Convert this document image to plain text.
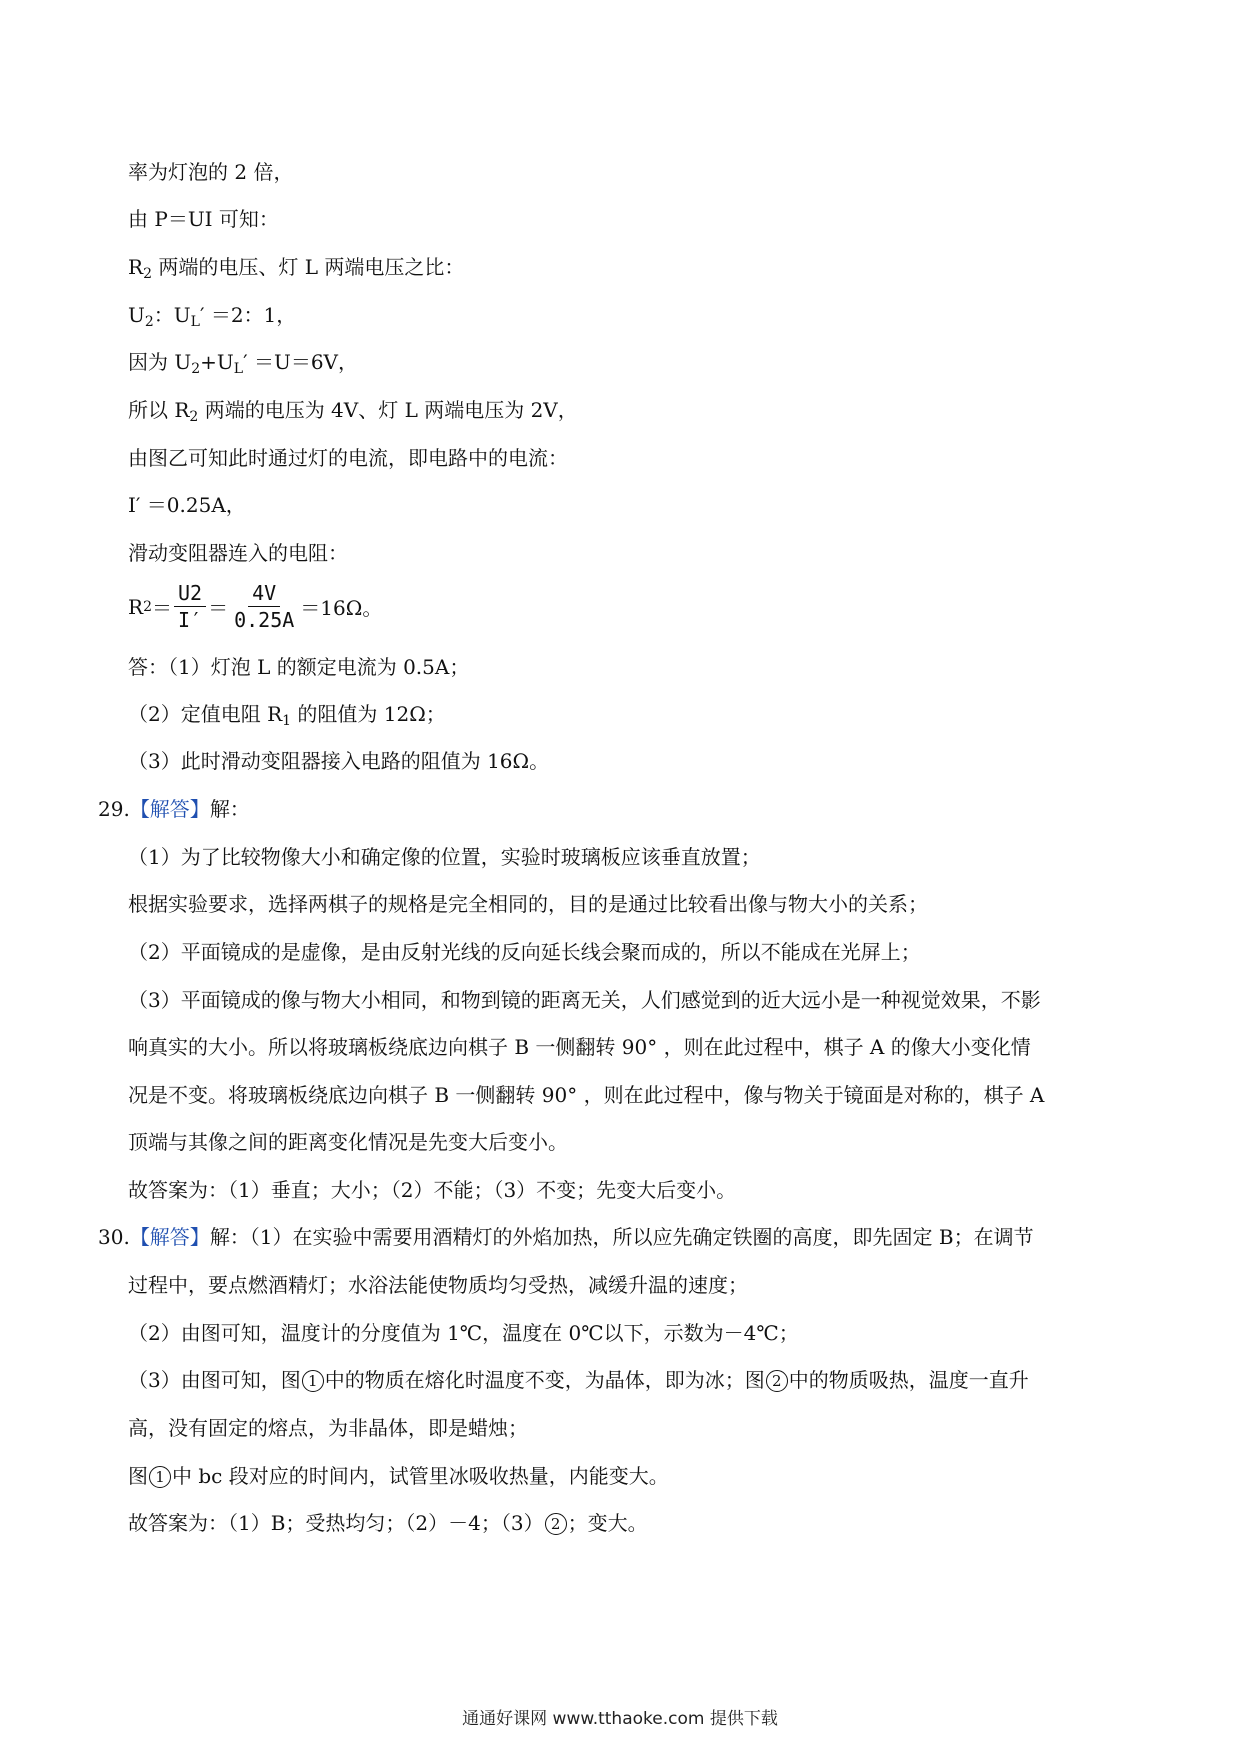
率为灯泡的 2 倍，
由 P＝UI 可知：
$R_2$ 两端的电压、灯 L 两端电压之比：
$U_2$：$U_L' =2$：1，
因为 $U_2+U_L' =U=6V$，
所以 $R_2$ 两端的电压为 4V、灯 L 两端电压为 2V，
由图乙可知此时通过灯的电流，即电路中的电流：
I′ ＝0.25A，
滑动变阻器连入的电阻：
R $2 = \frac{U2}{I'} = \frac{4V}{0.25A} =16\Omega$。
答：（1）灯泡 L 的额定电流为 0.5A；
（2）定值电阻 $R_1$ 的阻值为 12Ω；
（3）此时滑动变阻器接入电路的阻值为 16Ω。
29.【解答】解：
（1）为了比较物像大小和确定像的位置，实验时玻璃板应该垂直放置；
根据实验要求，选择两棋子的规格是完全相同的，目的是通过比较看出像与物大小的关系；
（2）平面镜成的是虚像，是由反射光线的反向延长线会聚而成的，所以不能成在光屏上；
（3）平面镜成的像与物大小相同，和物到镜的距离无关，人们感觉到的近大远小是一种视觉效果，不影
响真实的大小。所以将玻璃板绕底边向棋子 B 一侧翻转 90° ，则在此过程中，棋子 A 的像大小变化情
况是不变。将玻璃板绕底边向棋子 B 一侧翻转 90° ，则在此过程中，像与物关于镜面是对称的，棋子 A
顶端与其像之间的距离变化情况是先变大后变小。
故答案为：（1）垂直；大小；（2）不能；（3）不变；先变大后变小。
30.【解答】解：（1）在实验中需要用酒精灯的外焰加热，所以应先确定铁圈的高度，即先固定 B；在调节
过程中，要点燃酒精灯；水浴法能使物质均匀受热，减缓升温的速度；
（2）由图可知，温度计的分度值为 1℃，温度在 0℃以下，示数为－4℃；
（3）由图可知，图 1 中的物质在熔化时温度不变，为晶体，即为冰；图 2 中的物质吸热，温度一直升
高，没有固定的熔点，为非晶体，即是蜡烛；
图 1 中 bc 段对应的时间内，试管里冰吸收热量，内能变大。
故答案为：（1）B；受热均匀；（2）－4；（3） 2 ；变大。
通通好课网 www.tthaoke.com 提供下载
